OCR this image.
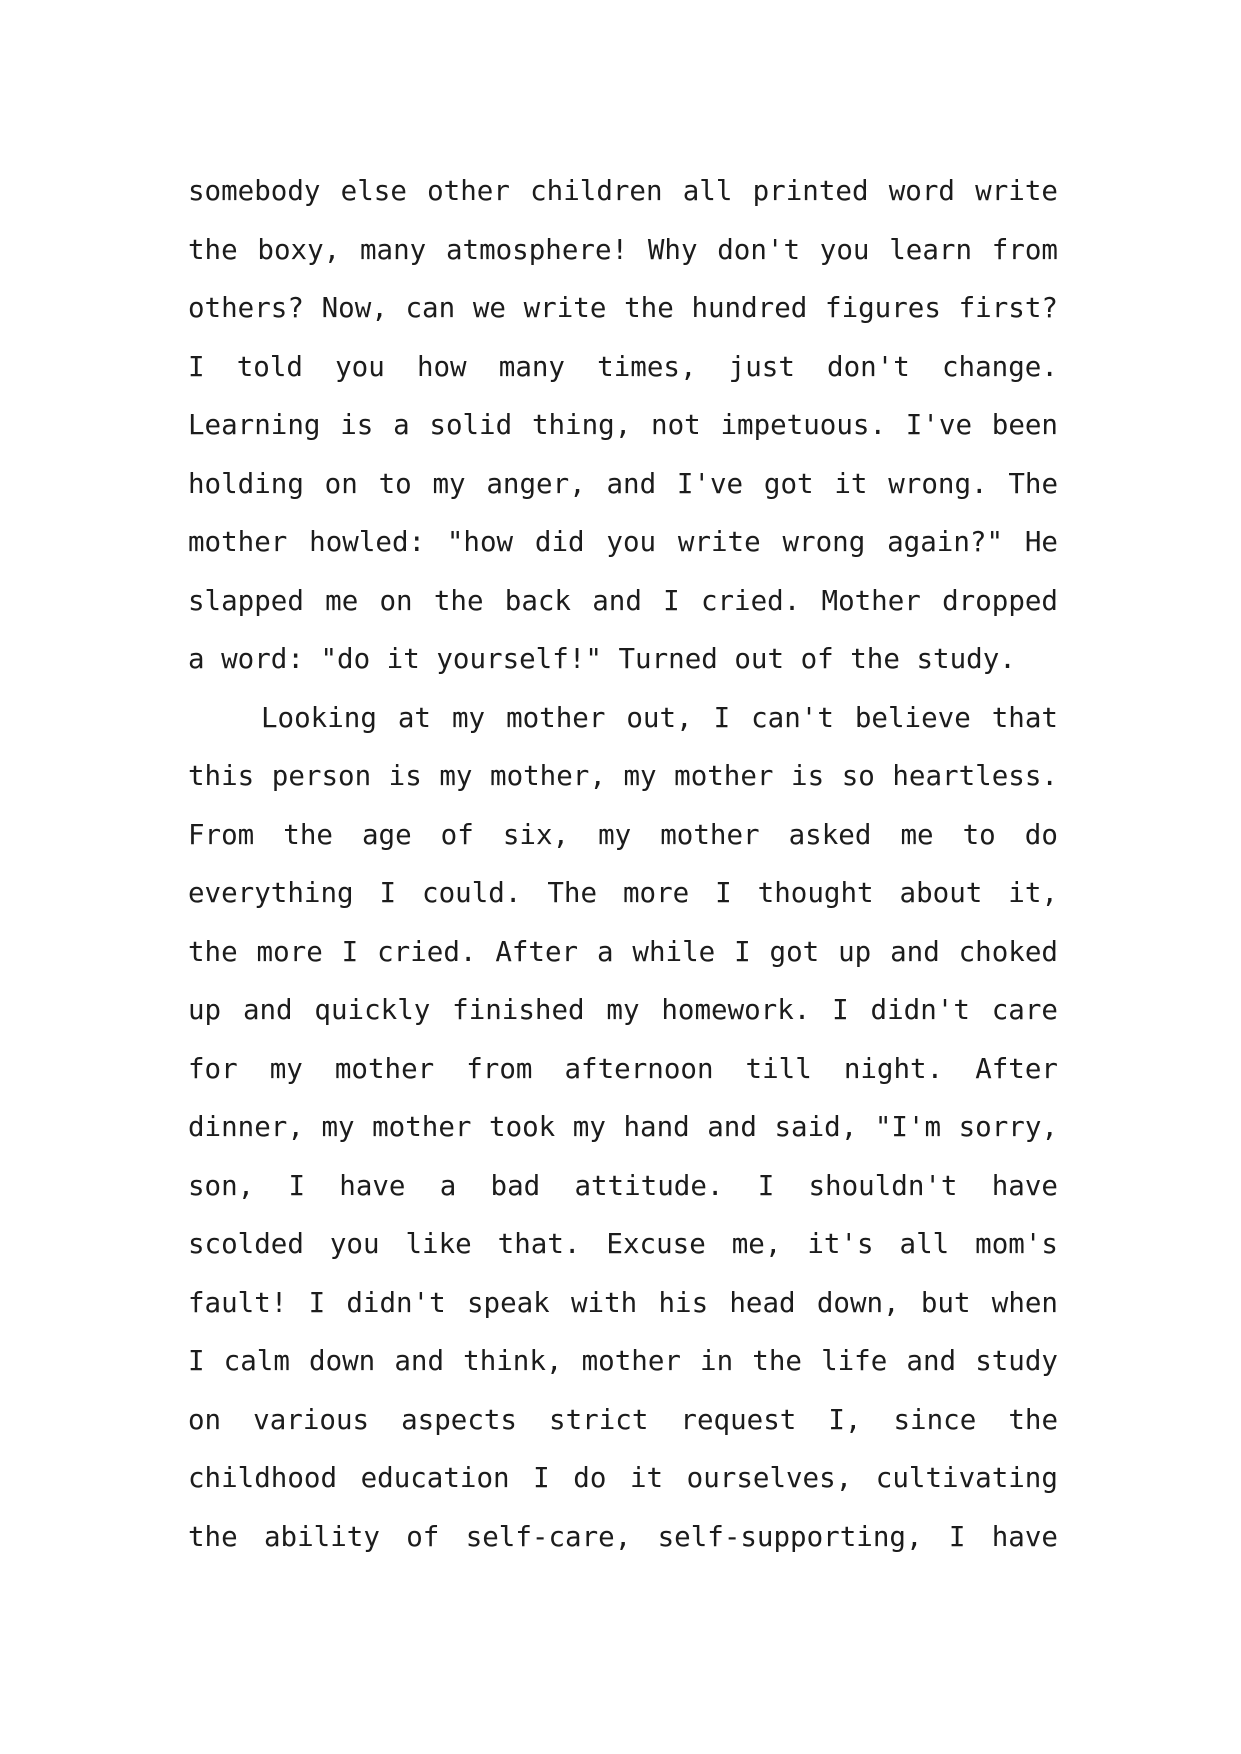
somebody else other children all printed word write
the boxy, many atmosphere! Why don't you learn from
others? Now, can we write the hundred figures first?
I told you how many times, just don't change.
Learning is a solid thing, not impetuous. I've been
holding on to my anger, and I've got it wrong. The
mother howled: "how did you write wrong again?" He
slapped me on the back and I cried. Mother dropped
a word: "do it yourself!" Turned out of the study.
Looking at my mother out, I can't believe that
this person is my mother, my mother is so heartless.
From the age of six, my mother asked me to do
everything I could. The more I thought about it,
the more I cried. After a while I got up and choked
up and quickly finished my homework. I didn't care
for my mother from afternoon till night. After
dinner, my mother took my hand and said, "I'm sorry,
son, I have a bad attitude. I shouldn't have
scolded you like that. Excuse me, it's all mom's
fault! I didn't speak with his head down, but when
I calm down and think, mother in the life and study
on various aspects strict request I, since the
childhood education I do it ourselves, cultivating
the ability of self-care, self-supporting, I have
